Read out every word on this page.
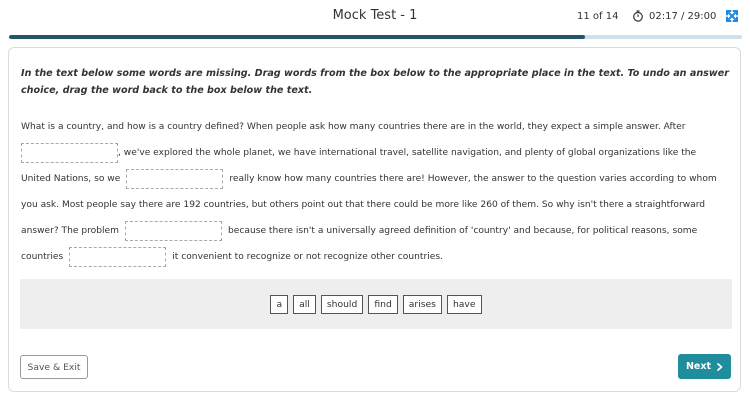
Mock Test - 1	11 of 14	02:17 / 29:00
In the text below some words are missing. Drag words from the box below to the appropriate place in the text. To undo an answer choice, drag the word back to the box below the text.
What is a country, and how is a country defined? When people ask how many countries there are in the world, they expect a simple answer. After
, we've explored the whole planet, we have international travel, satellite navigation, and plenty of global organizations like the
United Nations, so we	really know how many countries there are! However, the answer to the question varies according to whom
you ask. Most people say there are 192 countries, but others point out that there could be more like 260 of them. So why isn't there a straightforward
answer? The problem	because there isn't a universally agreed definition of 'country' and because, for political reasons, some
countries	it convenient to recognize or not recognize other countries.
a	all	should	find	arises	have
Save & Exit	Next
